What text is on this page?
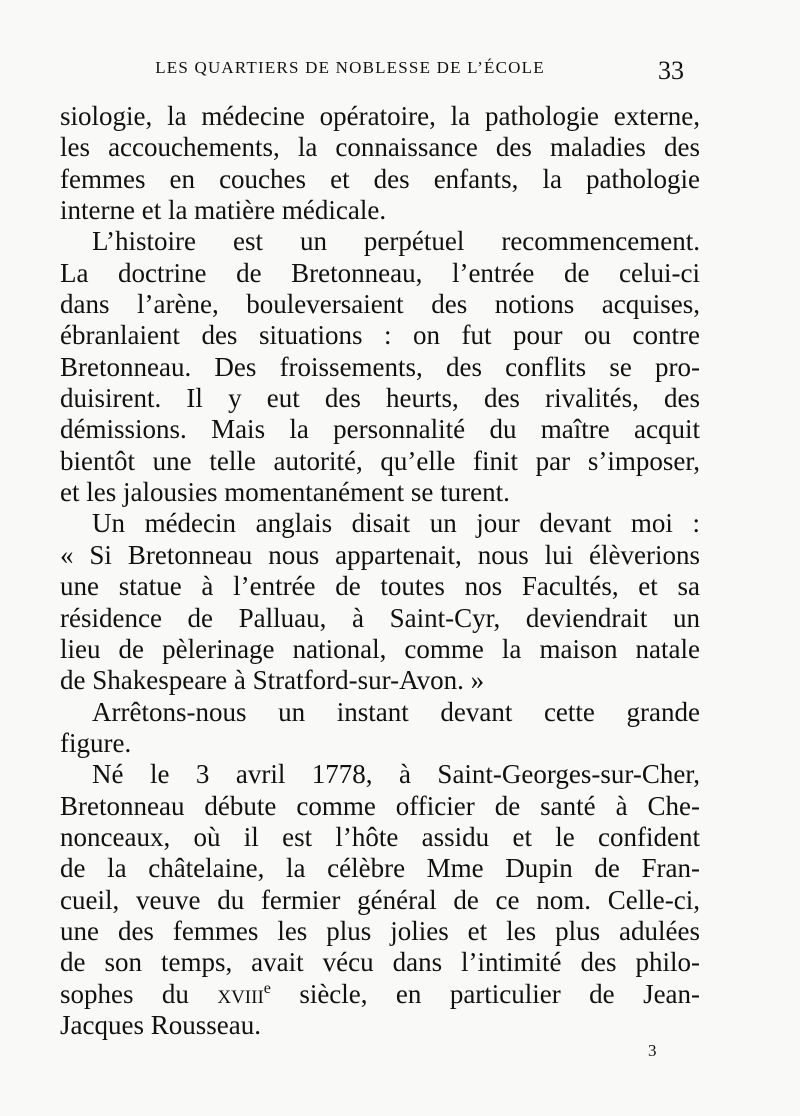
LES QUARTIERS DE NOBLESSE DE L’ÉCOLE	33
siologie, la médecine opératoire, la pathologie externe,
les accouchements, la connaissance des maladies des
femmes en couches et des enfants, la pathologie
interne et la matière médicale.
L’histoire est un perpétuel recommencement.
La doctrine de Bretonneau, l’entrée de celui-ci
dans l’arène, bouleversaient des notions acquises,
ébranlaient des situations : on fut pour ou contre
Bretonneau. Des froissements, des conflits se pro-
duisirent. Il y eut des heurts, des rivalités, des
démissions. Mais la personnalité du maître acquit
bientôt une telle autorité, qu’elle finit par s’imposer,
et les jalousies momentanément se turent.
Un médecin anglais disait un jour devant moi :
« Si Bretonneau nous appartenait, nous lui élèverions
une statue à l’entrée de toutes nos Facultés, et sa
résidence de Palluau, à Saint-Cyr, deviendrait un
lieu de pèlerinage national, comme la maison natale
de Shakespeare à Stratford-sur-Avon. »
Arrêtons-nous un instant devant cette grande
figure.
Né le 3 avril 1778, à Saint-Georges-sur-Cher,
Bretonneau débute comme officier de santé à Che-
nonceaux, où il est l’hôte assidu et le confident
de la châtelaine, la célèbre Mme Dupin de Fran-
cueil, veuve du fermier général de ce nom. Celle-ci,
une des femmes les plus jolies et les plus adulées
de son temps, avait vécu dans l’intimité des philo-
sophes du xviii$^e$ siècle, en particulier de Jean-
Jacques Rousseau.
3
